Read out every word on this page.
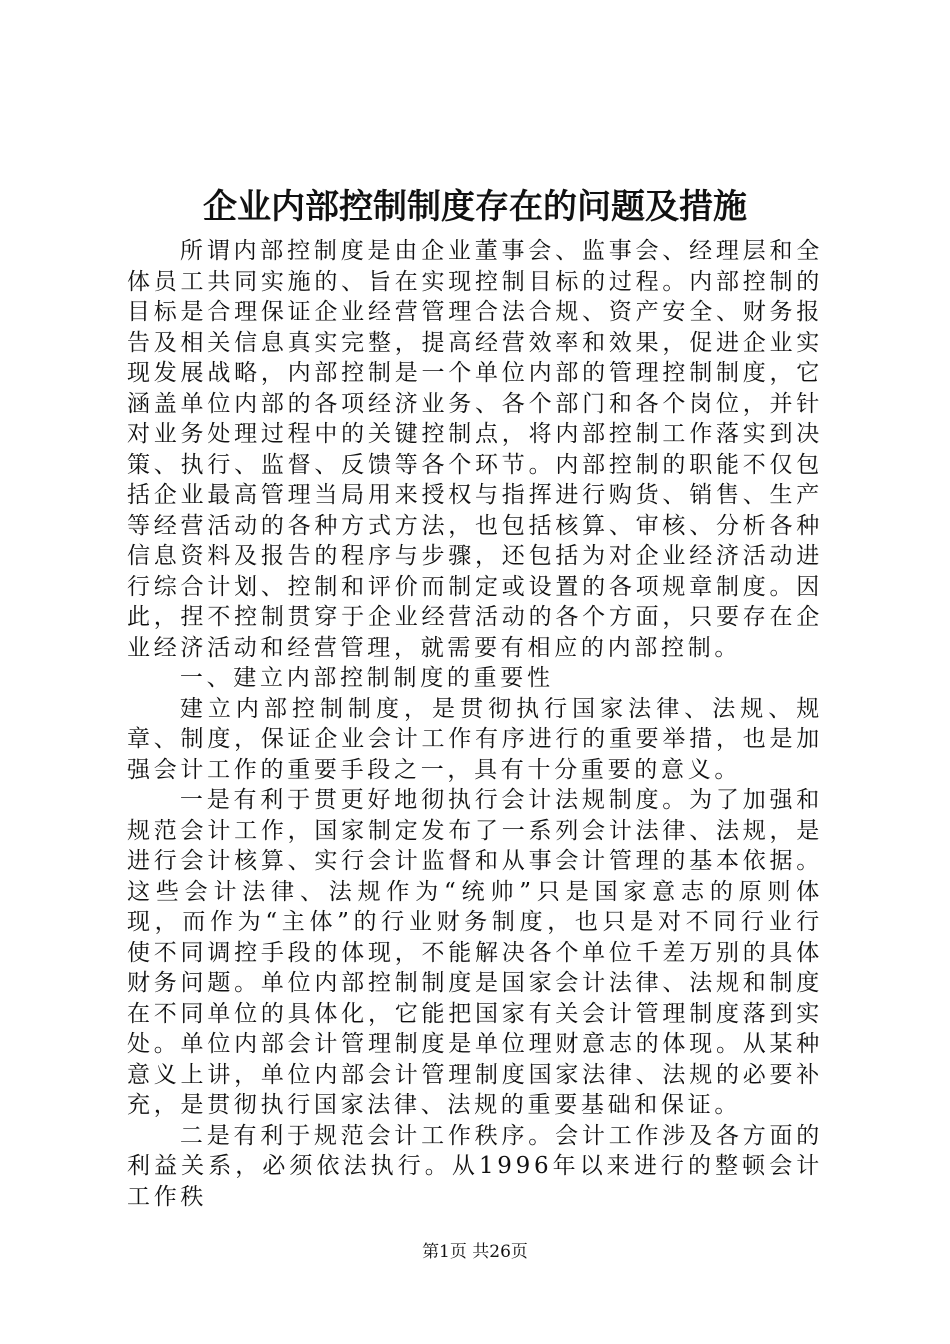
企业内部控制制度存在的问题及措施

所谓内部控制度是由企业董事会、监事会、经理层和全体员工共同实施的、旨在实现控制目标的过程。内部控制的目标是合理保证企业经营管理合法合规、资产安全、财务报告及相关信息真实完整，提高经营效率和效果，促进企业实现发展战略，内部控制是一个单位内部的管理控制制度，它涵盖单位内部的各项经济业务、各个部门和各个岗位，并针对业务处理过程中的关键控制点，将内部控制工作落实到决策、执行、监督、反馈等各个环节。内部控制的职能不仅包括企业最高管理当局用来授权与指挥进行购货、销售、生产等经营活动的各种方式方法，也包括核算、审核、分析各种信息资料及报告的程序与步骤，还包括为对企业经济活动进行综合计划、控制和评价而制定或设置的各项规章制度。因此，捏不控制贯穿于企业经营活动的各个方面，只要存在企业经济活动和经营管理，就需要有相应的内部控制。

一、建立内部控制制度的重要性

建立内部控制制度，是贯彻执行国家法律、法规、规章、制度，保证企业会计工作有序进行的重要举措，也是加强会计工作的重要手段之一，具有十分重要的意义。

一是有利于贯更好地彻执行会计法规制度。为了加强和规范会计工作，国家制定发布了一系列会计法律、法规，是进行会计核算、实行会计监督和从事会计管理的基本依据。这些会计法律、法规作为“统帅”只是国家意志的原则体现，而作为“主体”的行业财务制度，也只是对不同行业行使不同调控手段的体现，不能解决各个单位千差万别的具体财务问题。单位内部控制制度是国家会计法律、法规和制度在不同单位的具体化，它能把国家有关会计管理制度落到实处。单位内部会计管理制度是单位理财意志的体现。从某种意义上讲，单位内部会计管理制度国家法律、法规的必要补充，是贯彻执行国家法律、法规的重要基础和保证。

二是有利于规范会计工作秩序。会计工作涉及各方面的利益关系，必须依法执行。从1996年以来进行的整顿会计工作秩

第1页 共26页
